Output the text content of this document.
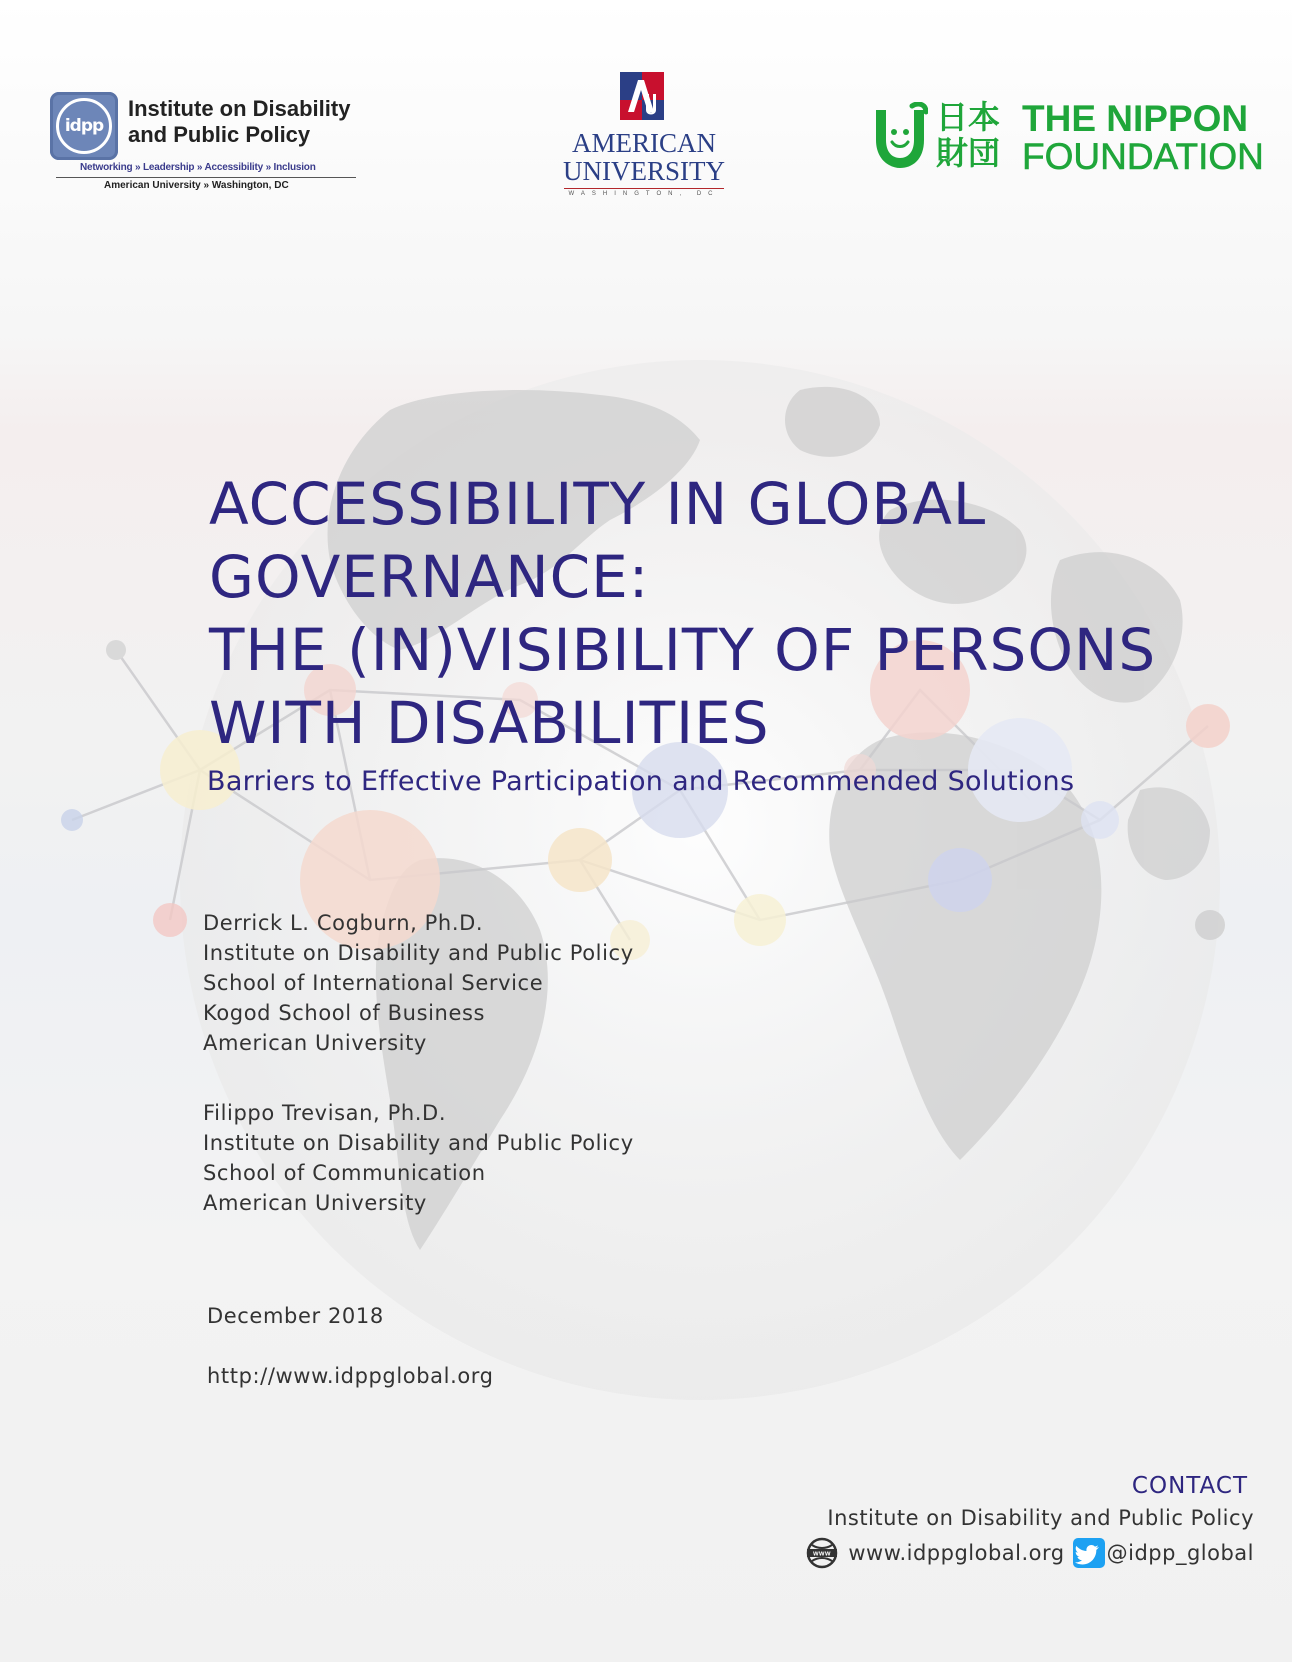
idpp
Institute on Disability
and Public Policy
Networking » Leadership » Accessibility » Inclusion
American University » Washington, DC
AMERICAN
UNIVERSITY
WASHINGTON, DC
日本
財団
THE NIPPON
FOUNDATION
ACCESSIBILITY IN GLOBAL
GOVERNANCE:
THE (IN)VISIBILITY OF PERSONS
WITH DISABILITIES
Barriers to Effective Participation and Recommended Solutions
Derrick L. Cogburn, Ph.D.
Institute on Disability and Public Policy
School of International Service
Kogod School of Business
American University
Filippo Trevisan, Ph.D.
Institute on Disability and Public Policy
School of Communication
American University
December 2018
http://www.idppglobal.org
CONTACT
Institute on Disability and Public Policy
www www.idppglobal.org @idpp_global
